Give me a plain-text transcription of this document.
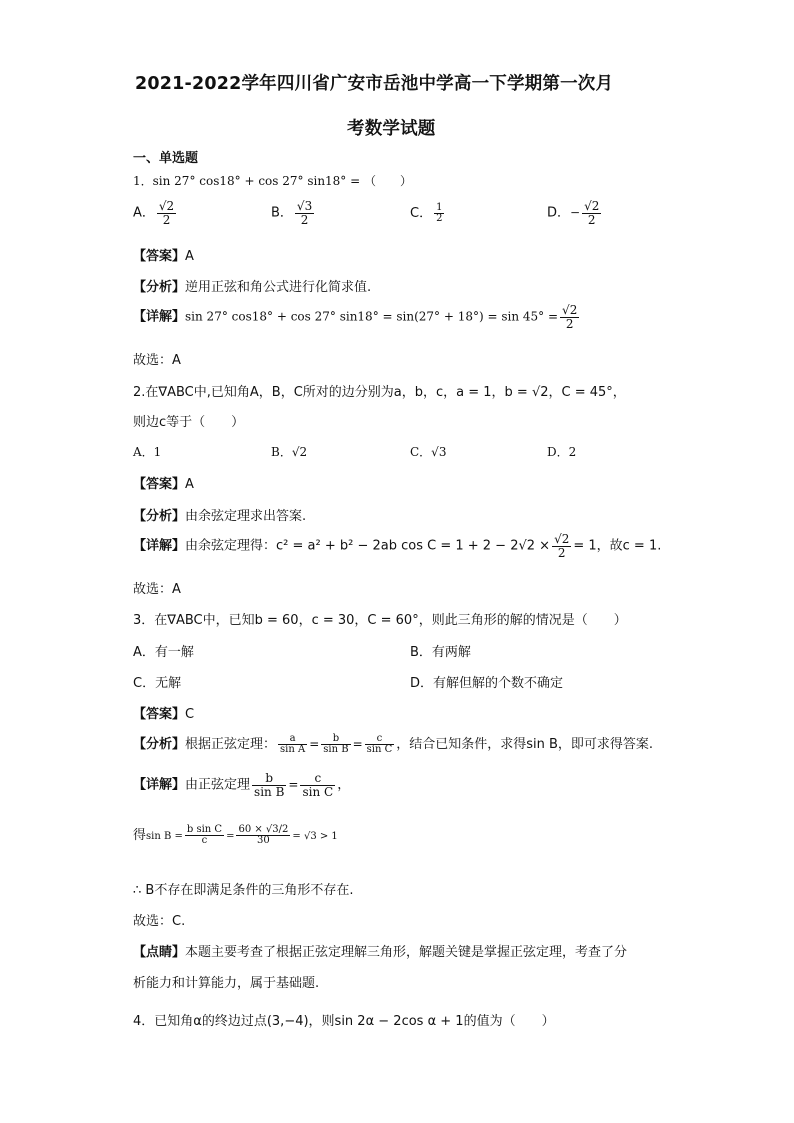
2021-2022学年四川省广安市岳池中学高一下学期第一次月
考数学试题
一、单选题
1．sin 27° cos18° + cos 27° sin18° = （　　）
A． $\frac{√2}{2}$	B． $\frac{√3}{2}$	C． $\frac{1}{2}$	D．− $\frac{√2}{2}$
【答案】A
【分析】逆用正弦和角公式进行化简求值.
【详解】sin 27° cos18° + cos 27° $\sin 18^\circ = \sin(27^\circ + 18^\circ) = \sin 45^\circ = \frac{√2}{2}$
故选：A
2.在∇ABC中,已知角A，B，C所对的边分别为a，b，c，a = 1，b = √2，C = 45°，
则边c等于（　　）
A．1	B．√2	C．√3	D．2
【答案】A
【分析】由余弦定理求出答案.
【详解】由余弦定理得：c² = a² + b² − 2ab $\cos C = 1 + 2 - 2√2 \times \frac{√2}{2} = 1$，故c = 1.
故选：A
3．在∇ABC中，已知b = 60，c = 30，C = 60°，则此三角形的解的情况是（　　）
A．有一解	B．有两解
C．无解	D．有解但解的个数不确定
【答案】C
【分析】根据正弦定理： $\frac{a}{\text{sin A}} = \frac{b}{\text{sin B}} = \frac{c}{\text{sin C}}$ ，结合已知条件，求得sin B，即可求得答案.
【详解】由正弦定理 $\frac{b}{\text{sin B}} = \frac{c}{\text{sin C}}$ ，
得$\sin B = \frac{\text{b sin C}}{c} = \frac{60 \times √3/2}{30} = √3 > 1$
∴ B不存在即满足条件的三角形不存在.
故选：C.
【点睛】本题主要考查了根据正弦定理解三角形，解题关键是掌握正弦定理，考查了分
析能力和计算能力，属于基础题.
4．已知角α的终边过点(3,−4)，则sin 2α − 2cos α + 1的值为（　　）
